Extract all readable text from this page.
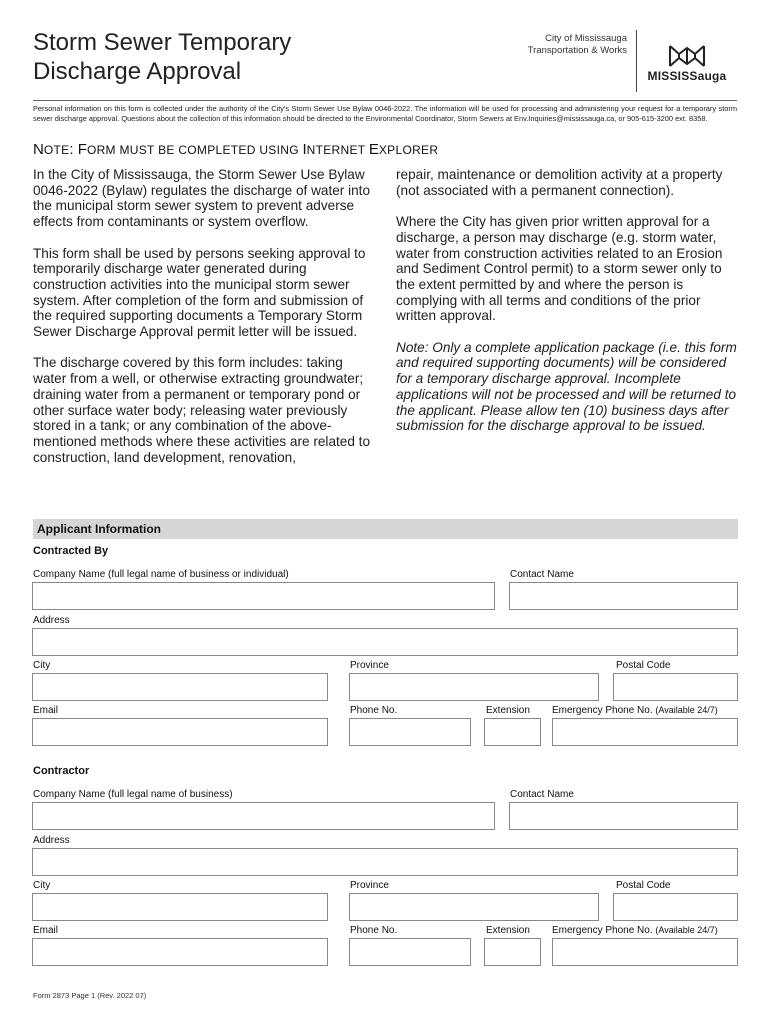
Storm Sewer Temporary
Discharge Approval
City of Mississauga
Transportation & Works
MISSISSauga
Personal information on this form is collected under the authority of the City's Storm Sewer Use Bylaw 0046-2022. The information will be used for processing and administering your request for a temporary storm sewer discharge approval. Questions about the collection of this information should be directed to the Environmental Coordinator, Storm Sewers at Env.Inquiries@mississauga.ca, or 905-615-3200 ext. 8358.
NOTE: FORM MUST BE COMPLETED USING INTERNET EXPLORER

In the City of Mississauga, the Storm Sewer Use Bylaw 0046-2022 (Bylaw) regulates the discharge of water into the municipal storm sewer system to prevent adverse effects from contaminants or system overflow.

This form shall be used by persons seeking approval to temporarily discharge water generated during construction activities into the municipal storm sewer system. After completion of the form and submission of the required supporting documents a Temporary Storm Sewer Discharge Approval permit letter will be issued.

The discharge covered by this form includes: taking water from a well, or otherwise extracting groundwater; draining water from a permanent or temporary pond or other surface water body; releasing water previously stored in a tank; or any combination of the above-mentioned methods where these activities are related to construction, land development, renovation,

repair, maintenance or demolition activity at a property (not associated with a permanent connection).

Where the City has given prior written approval for a discharge, a person may discharge (e.g. storm water, water from construction activities related to an Erosion and Sediment Control permit) to a storm sewer only to the extent permitted by and where the person is complying with all terms and conditions of the prior written approval.

Note: Only a complete application package (i.e. this form and required supporting documents) will be considered for a temporary discharge approval. Incomplete applications will not be processed and will be returned to the applicant. Please allow ten (10) business days after submission for the discharge approval to be issued.

Applicant Information
Contracted By
Company Name (full legal name of business or individual)	Contact Name
Address
City	Province	Postal Code
Email	Phone No.	Extension Emergency Phone No. (Available 24/7)
Contractor
Company Name (full legal name of business)	Contact Name
Address
City	Province	Postal Code
Email	Phone No.	Extension Emergency Phone No. (Available 24/7)
Form 2873 Page 1 (Rev. 2022 07)
